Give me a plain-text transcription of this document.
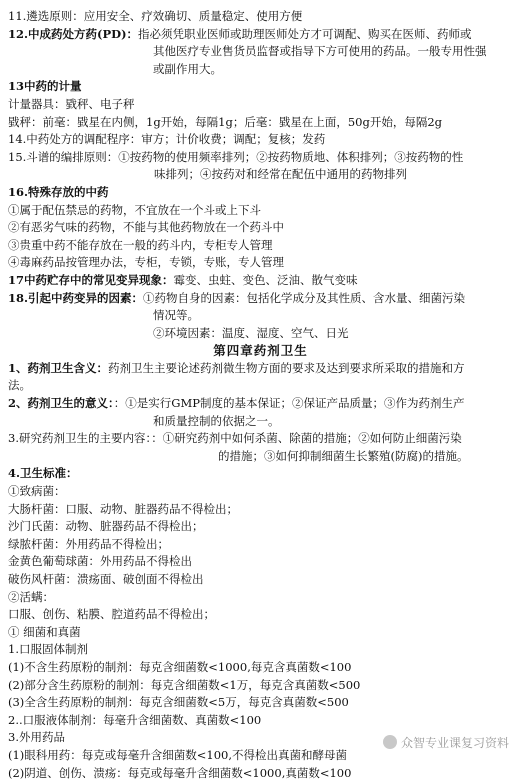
11.遴选原则：应用安全、疗效确切、质量稳定、使用方便

12.中成药处方药(PD)：指必须凭职业医师或助理医师处方才可调配、购买在医师、药师或

其他医疗专业售货员监督或指导下方可使用的药品。一般专用性强

或副作用大。

13中药的计量

计量器具：戥秤、电子秤

戥秤：前毫：戥星在内侧，1g开始，每隔1g；后毫：戥星在上面，50g开始，每隔2g

14.中药处方的调配程序：审方；计价收费；调配；复核；发药

15.斗谱的编排原则：①按药物的使用频率排列；②按药物质地、体积排列；③按药物的性

味排列；④按药对和经常在配伍中通用的药物排列

16.特殊存放的中药

①属于配伍禁忌的药物，不宜放在一个斗或上下斗

②有恶劣气味的药物，不能与其他药物放在一个药斗中

③贵重中药不能存放在一般的药斗内，专柜专人管理

④毒麻药品按管理办法，专柜，专锁，专账，专人管理

17中药贮存中的常见变异现象：霉变、虫蛀、变色、泛油、散气变味

18.引起中药变异的因素：①药物自身的因素：包括化学成分及其性质、含水量、细菌污染

情况等。

②环境因素：温度、湿度、空气、日光

第四章药剂卫生

1、药剂卫生含义：药剂卫生主要论述药剂微生物方面的要求及达到要求所采取的措施和方

法。

2、药剂卫生的意义：：①是实行GMP制度的基本保证；②保证产品质量；③作为药剂生产

和质量控制的依据之一。

3.研究药剂卫生的主要内容：：①研究药剂中如何杀菌、除菌的措施；②如何防止细菌污染

的措施；③如何抑制细菌生长繁殖(防腐)的措施。

4.卫生标准：

①致病菌：

大肠杆菌：口服、动物、脏器药品不得检出；

沙门氏菌：动物、脏器药品不得检出；

绿脓杆菌：外用药品不得检出；

金黄色葡萄球菌：外用药品不得检出

破伤风杆菌：溃疡面、破创面不得检出

②活螨：

口服、创伤、粘膜、腔道药品不得检出；

① 细菌和真菌

1.口服固体制剂

(1)不含生药原粉的制剂：每克含细菌数<1000,每克含真菌数<100

(2)部分含生药原粉的制剂：每克含细菌数<1万，每克含真菌数<500

(3)全含生药原粉的制剂：每克含细菌数<5万，每克含真菌数<500

2..口服液体制剂：每毫升含细菌数、真菌数<100

3.外用药品

(1)眼科用药：每克或每毫升含细菌数<100,不得检出真菌和酵母菌

(2)阴道、创伤、溃疡：每克或每毫升含细菌数<1000,真菌数<100

众智专业课复习资料
